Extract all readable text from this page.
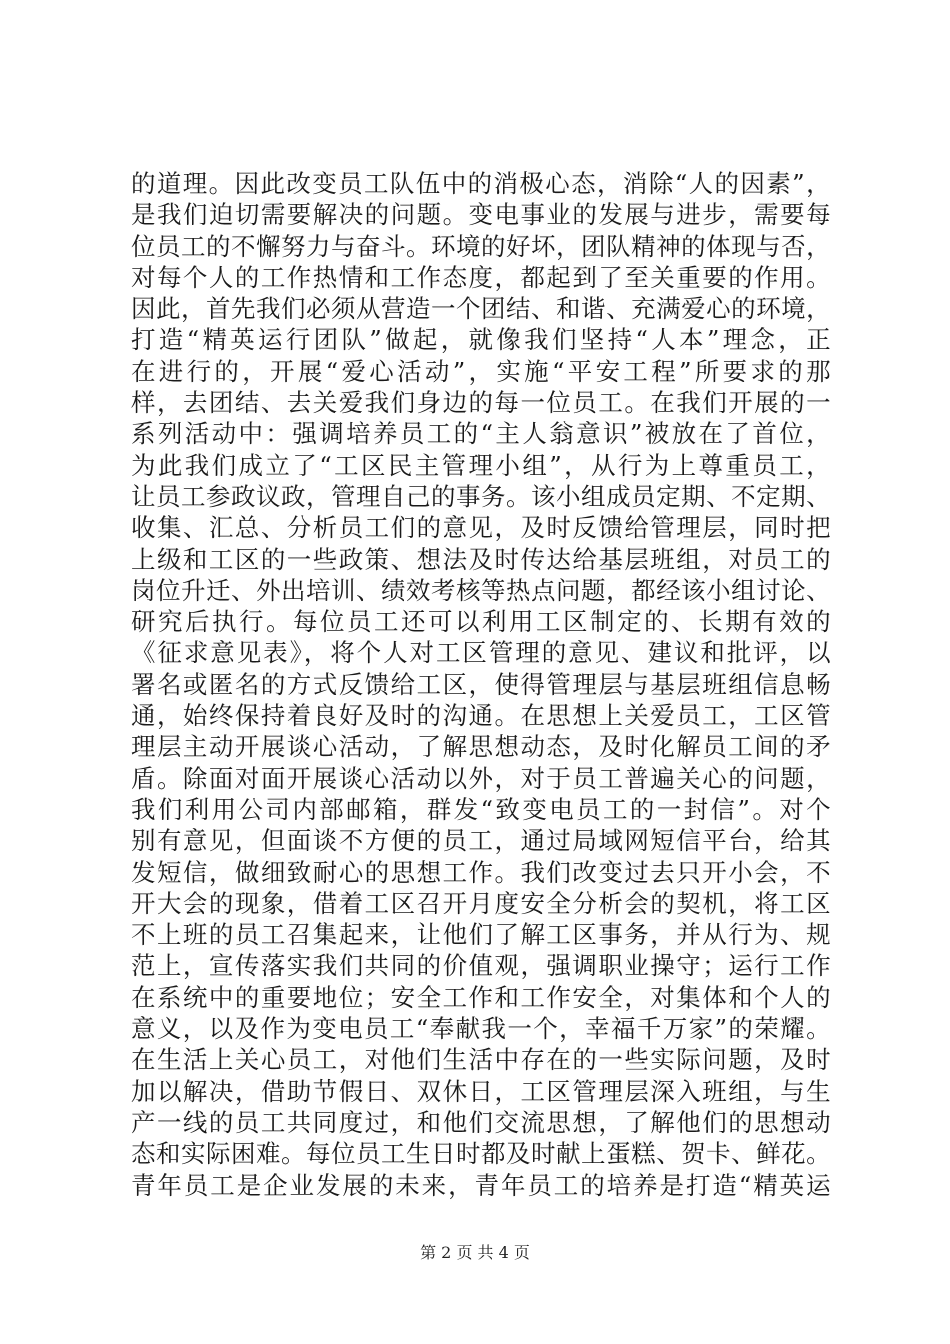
的道理。因此改变员工队伍中的消极心态，消除“人的因素”，
是我们迫切需要解决的问题。变电事业的发展与进步，需要每
位员工的不懈努力与奋斗。环境的好坏，团队精神的体现与否，
对每个人的工作热情和工作态度，都起到了至关重要的作用。
因此，首先我们必须从营造一个团结、和谐、充满爱心的环境，
打造“精英运行团队”做起，就像我们坚持“人本”理念，正
在进行的，开展“爱心活动”，实施“平安工程”所要求的那
样，去团结、去关爱我们身边的每一位员工。在我们开展的一
系列活动中：强调培养员工的“主人翁意识”被放在了首位，
为此我们成立了“工区民主管理小组”，从行为上尊重员工，
让员工参政议政，管理自己的事务。该小组成员定期、不定期、
收集、汇总、分析员工们的意见，及时反馈给管理层，同时把
上级和工区的一些政策、想法及时传达给基层班组，对员工的
岗位升迁、外出培训、绩效考核等热点问题，都经该小组讨论、
研究后执行。每位员工还可以利用工区制定的、长期有效的
《征求意见表》，将个人对工区管理的意见、建议和批评，以
署名或匿名的方式反馈给工区，使得管理层与基层班组信息畅
通，始终保持着良好及时的沟通。在思想上关爱员工，工区管
理层主动开展谈心活动，了解思想动态，及时化解员工间的矛
盾。除面对面开展谈心活动以外，对于员工普遍关心的问题，
我们利用公司内部邮箱，群发“致变电员工的一封信”。对个
别有意见，但面谈不方便的员工，通过局域网短信平台，给其
发短信，做细致耐心的思想工作。我们改变过去只开小会，不
开大会的现象，借着工区召开月度安全分析会的契机，将工区
不上班的员工召集起来，让他们了解工区事务，并从行为、规
范上，宣传落实我们共同的价值观，强调职业操守；运行工作
在系统中的重要地位；安全工作和工作安全，对集体和个人的
意义，以及作为变电员工“奉献我一个，幸福千万家”的荣耀。
在生活上关心员工，对他们生活中存在的一些实际问题，及时
加以解决，借助节假日、双休日，工区管理层深入班组，与生
产一线的员工共同度过，和他们交流思想，了解他们的思想动
态和实际困难。每位员工生日时都及时献上蛋糕、贺卡、鲜花。
青年员工是企业发展的未来，青年员工的培养是打造“精英运
第 2 页 共 4 页
